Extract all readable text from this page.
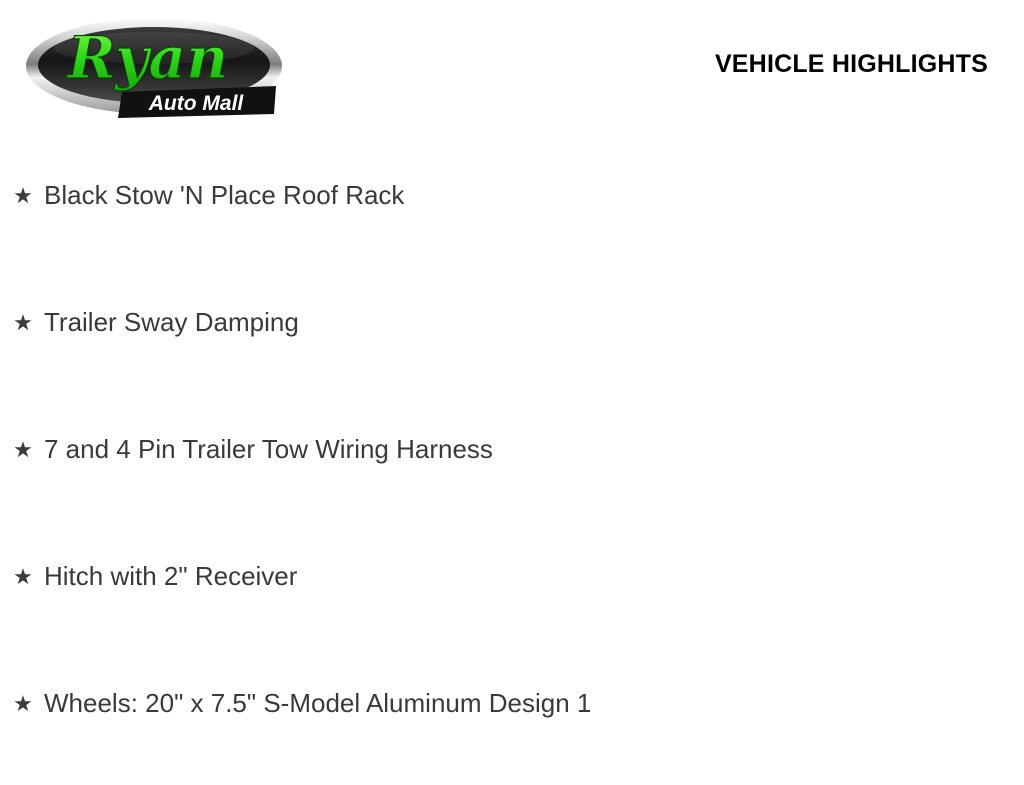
Ryan
Auto Mall
VEHICLE HIGHLIGHTS
★ Black Stow 'N Place Roof Rack
★ Trailer Sway Damping
★ 7 and 4 Pin Trailer Tow Wiring Harness
★ Hitch with 2" Receiver
★ Wheels: 20" x 7.5" S-Model Aluminum Design 1
